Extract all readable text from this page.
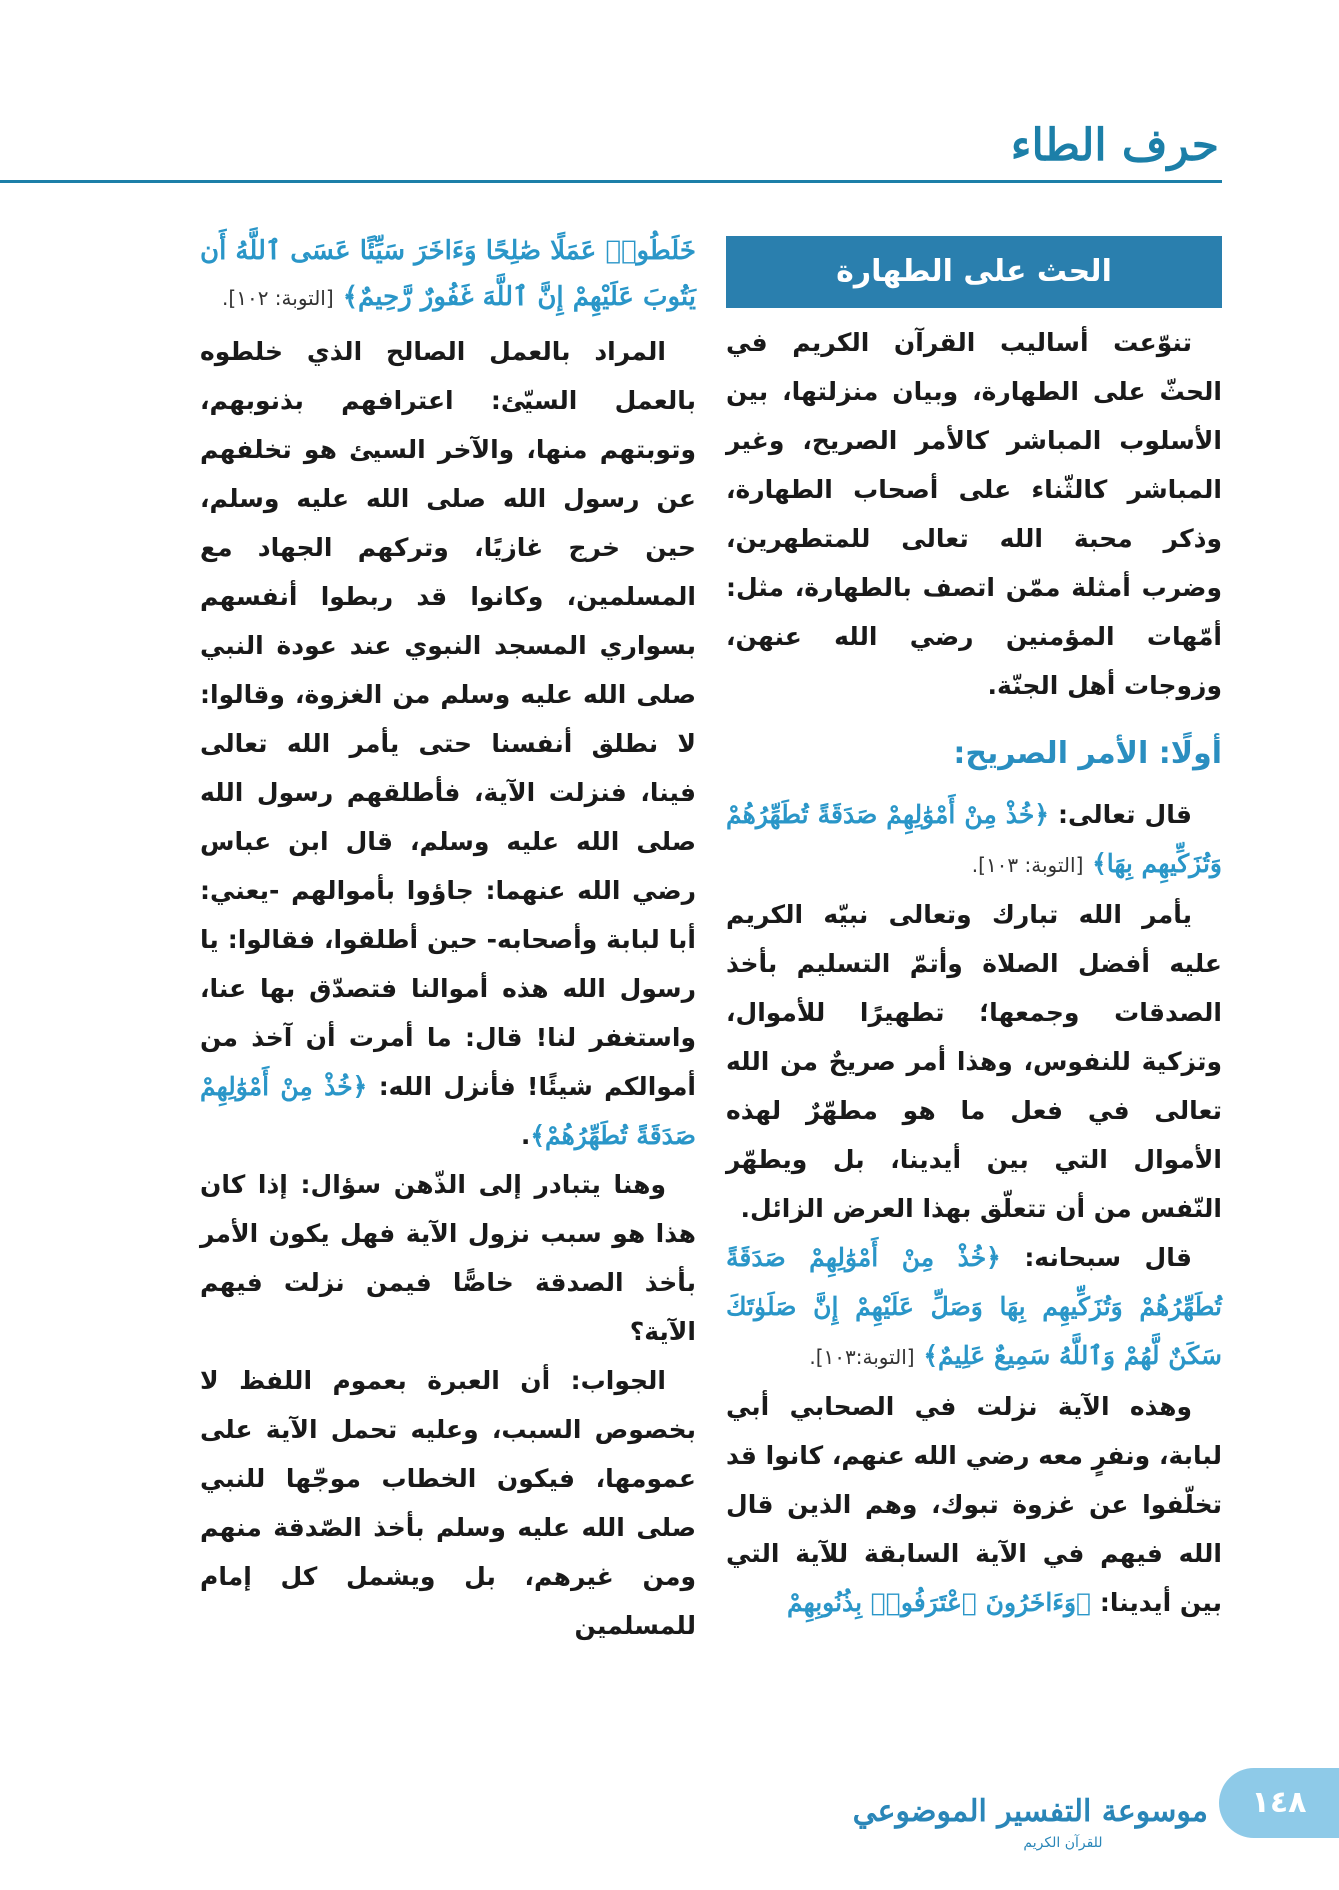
حرف الطاء
الحث على الطهارة

تنوّعت أساليب القرآن الكريم في الحثّ على الطهارة، وبيان منزلتها، بين الأسلوب المباشر كالأمر الصريح، وغير المباشر كالثّناء على أصحاب الطهارة، وذكر محبة الله تعالى للمتطهرين، وضرب أمثلة ممّن اتصف بالطهارة، مثل: أمّهات المؤمنين رضي الله عنهن، وزوجات أهل الجنّة.

أولًا: الأمر الصريح:

قال تعالى: ﴿خُذْ مِنْ أَمْوَٰلِهِمْ صَدَقَةً تُطَهِّرُهُمْ وَتُزَكِّيهِم بِهَا﴾ [التوبة: ١٠٣].

يأمر الله تبارك وتعالى نبيّه الكريم عليه أفضل الصلاة وأتمّ التسليم بأخذ الصدقات وجمعها؛ تطهيرًا للأموال، وتزكية للنفوس، وهذا أمر صريحٌ من الله تعالى في فعل ما هو مطهّرٌ لهذه الأموال التي بين أيدينا، بل ويطهّر النّفس من أن تتعلّق بهذا العرض الزائل.

قال سبحانه: ﴿خُذْ مِنْ أَمْوَٰلِهِمْ صَدَقَةً تُطَهِّرُهُمْ وَتُزَكِّيهِم بِهَا وَصَلِّ عَلَيْهِمْ إِنَّ صَلَوٰتَكَ سَكَنٌ لَّهُمْ وَٱللَّهُ سَمِيعٌ عَلِيمٌ﴾ [التوبة:١٠٣].

وهذه الآية نزلت في الصحابي أبي لبابة، ونفرٍ معه رضي الله عنهم، كانوا قد تخلّفوا عن غزوة تبوك، وهم الذين قال الله فيهم في الآية السابقة للآية التي بين أيدينا: ﴿وَءَاخَرُونَ ٱعْتَرَفُوا۟ بِذُنُوبِهِمْ

خَلَطُوا۟ عَمَلًا صَٰلِحًا وَءَاخَرَ سَيِّئًا عَسَى ٱللَّهُ أَن يَتُوبَ عَلَيْهِمْ إِنَّ ٱللَّهَ غَفُورٌ رَّحِيمٌ﴾ [التوبة: ١٠٢].

المراد بالعمل الصالح الذي خلطوه بالعمل السيّئ: اعترافهم بذنوبهم، وتوبتهم منها، والآخر السيئ هو تخلفهم عن رسول الله صلى الله عليه وسلم، حين خرج غازيًا، وتركهم الجهاد مع المسلمين، وكانوا قد ربطوا أنفسهم بسواري المسجد النبوي عند عودة النبي صلى الله عليه وسلم من الغزوة، وقالوا: لا نطلق أنفسنا حتى يأمر الله تعالى فينا، فنزلت الآية، فأطلقهم رسول الله صلى الله عليه وسلم، قال ابن عباس رضي الله عنهما: جاؤوا بأموالهم -يعني: أبا لبابة وأصحابه- حين أطلقوا، فقالوا: يا رسول الله هذه أموالنا فتصدّق بها عنا، واستغفر لنا! قال: ما أمرت أن آخذ من أموالكم شيئًا! فأنزل الله: ﴿خُذْ مِنْ أَمْوَٰلِهِمْ صَدَقَةً تُطَهِّرُهُمْ﴾.

وهنا يتبادر إلى الذّهن سؤال: إذا كان هذا هو سبب نزول الآية فهل يكون الأمر بأخذ الصدقة خاصًّا فيمن نزلت فيهم الآية؟

الجواب: أن العبرة بعموم اللفظ لا بخصوص السبب، وعليه تحمل الآية على عمومها، فيكون الخطاب موجّها للنبي صلى الله عليه وسلم بأخذ الصّدقة منهم ومن غيرهم، بل ويشمل كل إمام للمسلمين

موسوعة التفسير الموضوعي
للقرآن الكريم
١٤٨
